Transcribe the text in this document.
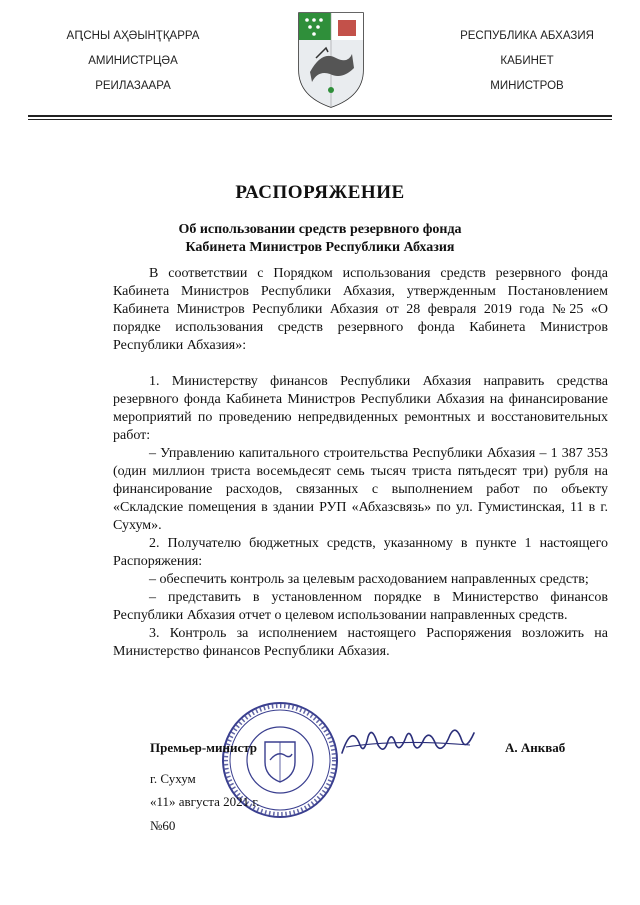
АԤСНЫ АҲӘЫНҬҚАРРА
АМИНИСТРЦӘА
РЕИЛАЗААРА
РЕСПУБЛИКА АБХАЗИЯ
КАБИНЕТ
МИНИСТРОВ
РАСПОРЯЖЕНИЕ
Об использовании средств резервного фонда
Кабинета Министров Республики Абхазия

В соответствии с Порядком использования средств резервного фонда Кабинета Министров Республики Абхазия, утвержденным Постановлением Кабинета Министров Республики Абхазия от 28 февраля 2019 года №25 «О порядке использования средств резервного фонда Кабинета Министров Республики Абхазия»:

1. Министерству финансов Республики Абхазия направить средства резервного фонда Кабинета Министров Республики Абхазия на финансирование мероприятий по проведению непредвиденных ремонтных и восстановительных работ:

– Управлению капитального строительства Республики Абхазия – 1 387 353 (один миллион триста восемьдесят семь тысяч триста пятьдесят три) рубля на финансирование расходов, связанных с выполнением работ по объекту «Складские помещения в здании РУП «Абхазсвязь» по ул. Гумистинская, 11 в г. Сухум».

2. Получателю бюджетных средств, указанному в пункте 1 настоящего Распоряжения:

– обеспечить контроль за целевым расходованием направленных средств;

– представить в установленном порядке в Министерство финансов Республики Абхазия отчет о целевом использовании направленных средств.

3. Контроль за исполнением настоящего Распоряжения возложить на Министерство финансов Республики Абхазия.

Премьер-министр	А. Анкваб
г. Сухум
«11» августа 2021 г.
№60
